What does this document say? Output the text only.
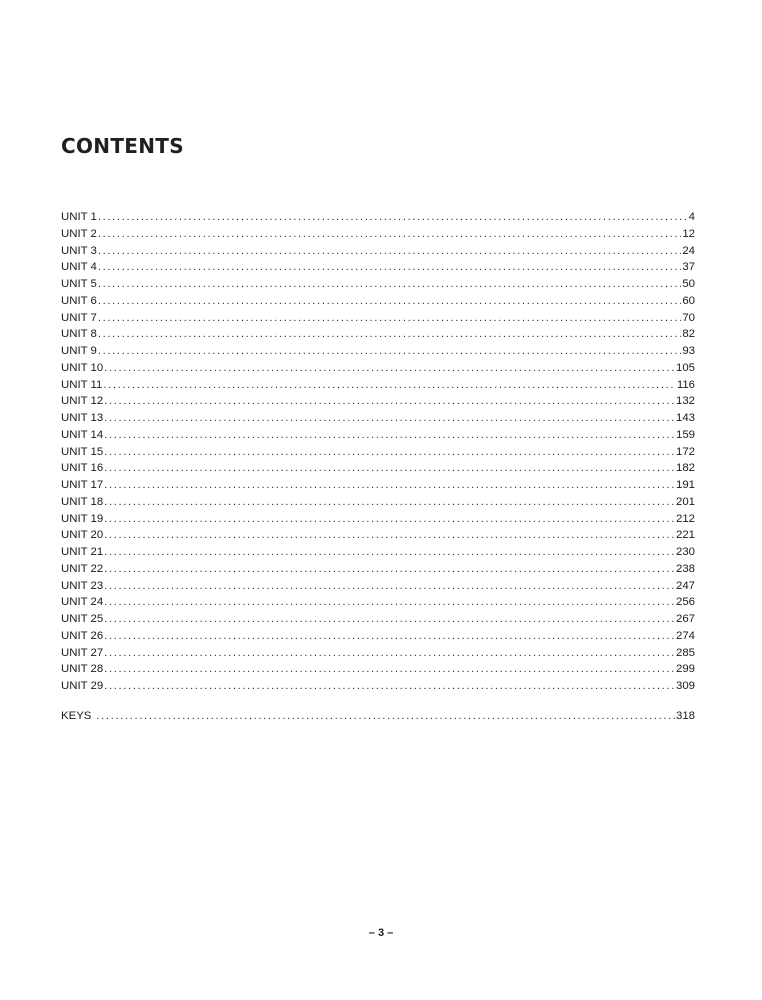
CONTENTS
UNIT 1 .....	4
UNIT 2 .....	12
UNIT 3 .....	24
UNIT 4 .....	37
UNIT 5 .....	50
UNIT 6 .....	60
UNIT 7 .....	70
UNIT 8 .....	82
UNIT 9 .....	93
UNIT 10 .....	105
UNIT 11 .....	116
UNIT 12 .....	132
UNIT 13 .....	143
UNIT 14 .....	159
UNIT 15 .....	172
UNIT 16 .....	182
UNIT 17 .....	191
UNIT 18 .....	201
UNIT 19 .....	212
UNIT 20 .....	221
UNIT 21 .....	230
UNIT 22 .....	238
UNIT 23 .....	247
UNIT 24 .....	256
UNIT 25 .....	267
UNIT 26 .....	274
UNIT 27 .....	285
UNIT 28 .....	299
UNIT 29 .....	309
KEYS .....	318
– 3 –
